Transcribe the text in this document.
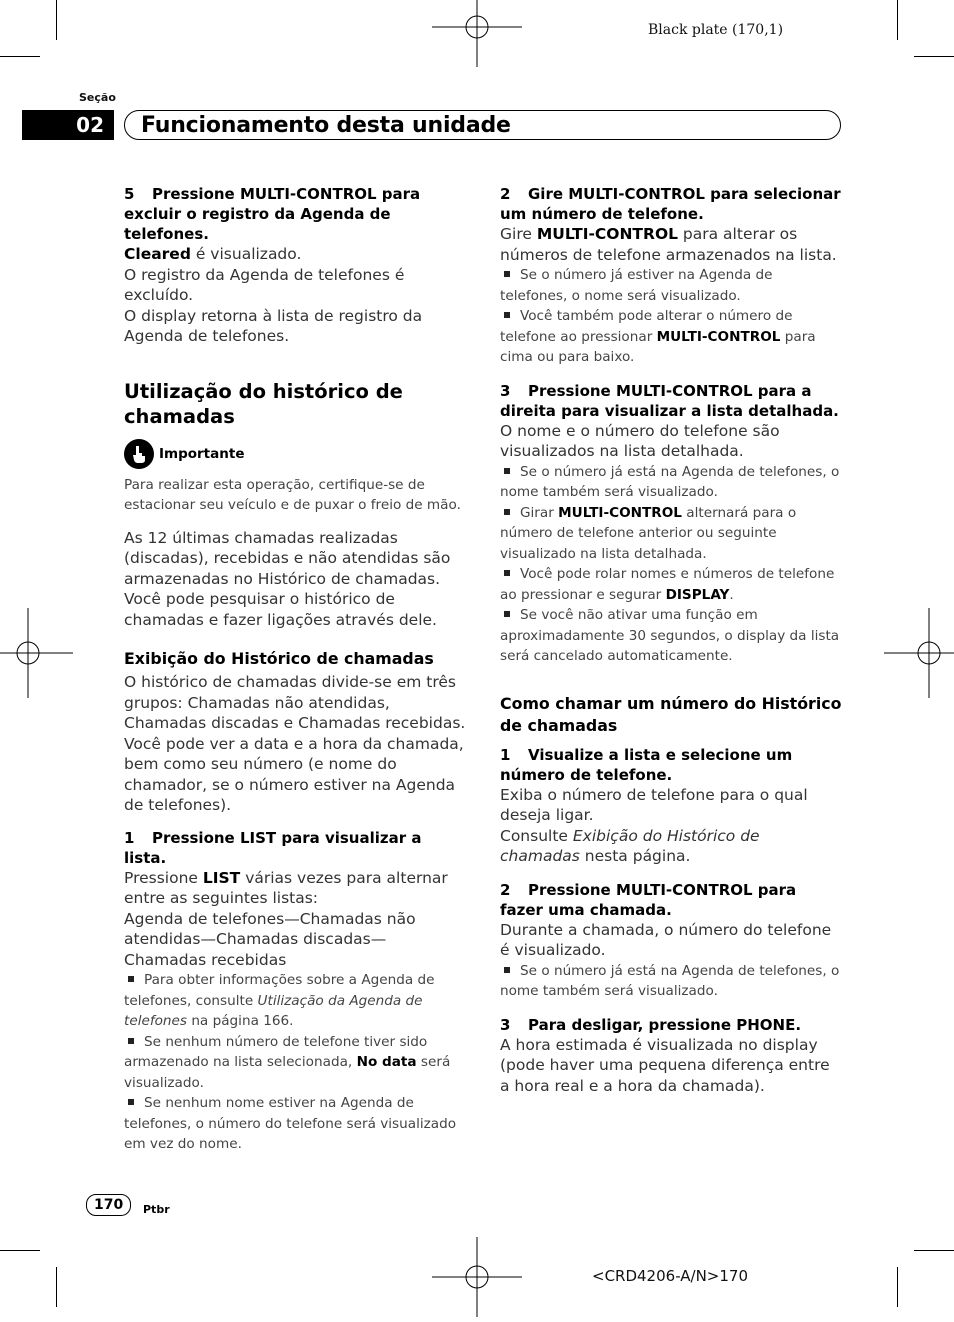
Black plate (170,1)
Seção
02	Funcionamento desta unidade

5 Pressione MULTI-CONTROL para excluir o registro da Agenda de telefones.

Cleared é visualizado.

O registro da Agenda de telefones é excluído.

O display retorna à lista de registro da Agenda de telefones.

Utilização do histórico de chamadas

Importante

Para realizar esta operação, certifique-se de estacionar seu veículo e de puxar o freio de mão.

As 12 últimas chamadas realizadas (discadas), recebidas e não atendidas são armazenadas no Histórico de chamadas. Você pode pesquisar o histórico de chamadas e fazer ligações através dele.

Exibição do Histórico de chamadas

O histórico de chamadas divide-se em três grupos: Chamadas não atendidas, Chamadas discadas e Chamadas recebidas. Você pode ver a data e a hora da chamada, bem como seu número (e nome do chamador, se o número estiver na Agenda de telefones).

1 Pressione LIST para visualizar a lista.

Pressione LIST várias vezes para alternar entre as seguintes listas:

Agenda de telefones—Chamadas não atendidas—Chamadas discadas—Chamadas recebidas

Para obter informações sobre a Agenda de telefones, consulte Utilização da Agenda de telefones na página 166.

Se nenhum número de telefone tiver sido armazenado na lista selecionada, No data será visualizado.

Se nenhum nome estiver na Agenda de telefones, o número do telefone será visualizado em vez do nome.

2 Gire MULTI-CONTROL para selecionar um número de telefone.

Gire MULTI-CONTROL para alterar os números de telefone armazenados na lista.

Se o número já estiver na Agenda de telefones, o nome será visualizado.

Você também pode alterar o número de telefone ao pressionar MULTI-CONTROL para cima ou para baixo.

3 Pressione MULTI-CONTROL para a direita para visualizar a lista detalhada.

O nome e o número do telefone são visualizados na lista detalhada.

Se o número já está na Agenda de telefones, o nome também será visualizado.

Girar MULTI-CONTROL alternará para o número de telefone anterior ou seguinte visualizado na lista detalhada.

Você pode rolar nomes e números de telefone ao pressionar e segurar DISPLAY.

Se você não ativar uma função em aproximadamente 30 segundos, o display da lista será cancelado automaticamente.

Como chamar um número do Histórico de chamadas

1 Visualize a lista e selecione um número de telefone.

Exiba o número de telefone para o qual deseja ligar.

Consulte Exibição do Histórico de chamadas nesta página.

2 Pressione MULTI-CONTROL para fazer uma chamada.

Durante a chamada, o número do telefone é visualizado.

Se o número já está na Agenda de telefones, o nome também será visualizado.

3 Para desligar, pressione PHONE.

A hora estimada é visualizada no display (pode haver uma pequena diferença entre a hora real e a hora da chamada).

170	Ptbr
<CRD4206-A/N>170
